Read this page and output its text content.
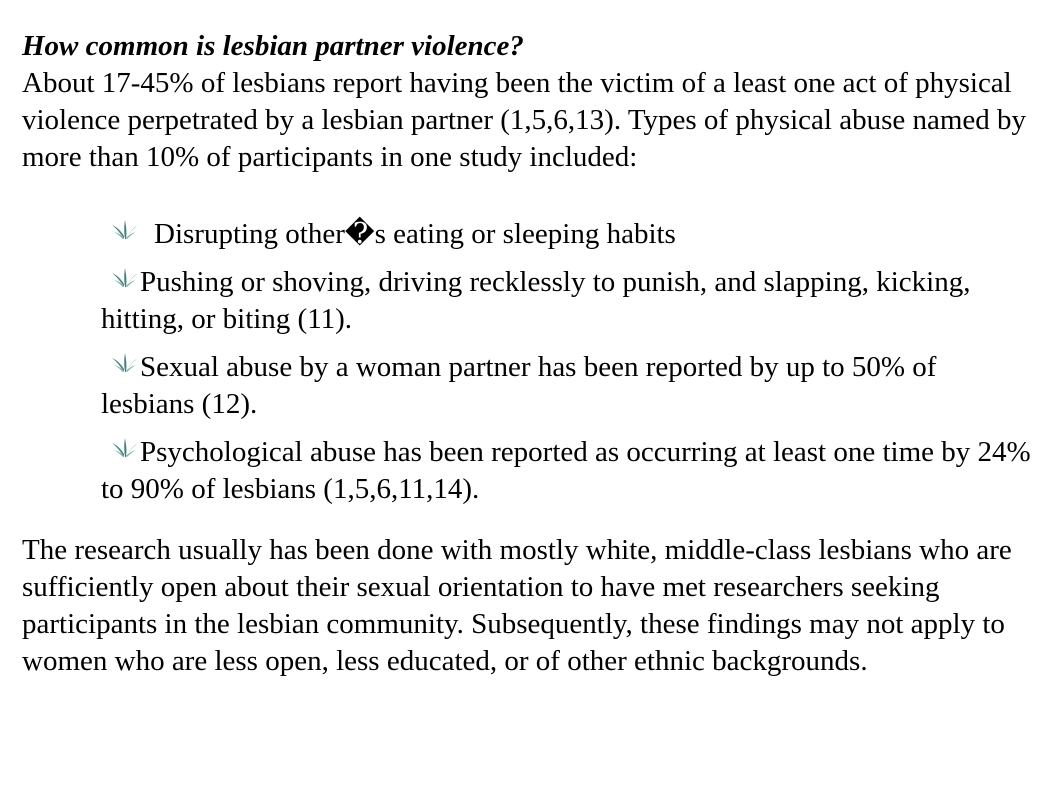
How common is lesbian partner violence?

About 17-45% of lesbians report having been the victim of a least one act of physical violence perpetrated by a lesbian partner (1,5,6,13). Types of physical abuse named by more than 10% of participants in one study included:

Disrupting other�s eating or sleeping habits
Pushing or shoving, driving recklessly to punish, and slapping, kicking, hitting, or biting (11).
Sexual abuse by a woman partner has been reported by up to 50% of lesbians (12).
Psychological abuse has been reported as occurring at least one time by 24% to 90% of lesbians (1,5,6,11,14).

The research usually has been done with mostly white, middle-class lesbians who are sufficiently open about their sexual orientation to have met researchers seeking participants in the lesbian community. Subsequently, these findings may not apply to women who are less open, less educated, or of other ethnic backgrounds.
